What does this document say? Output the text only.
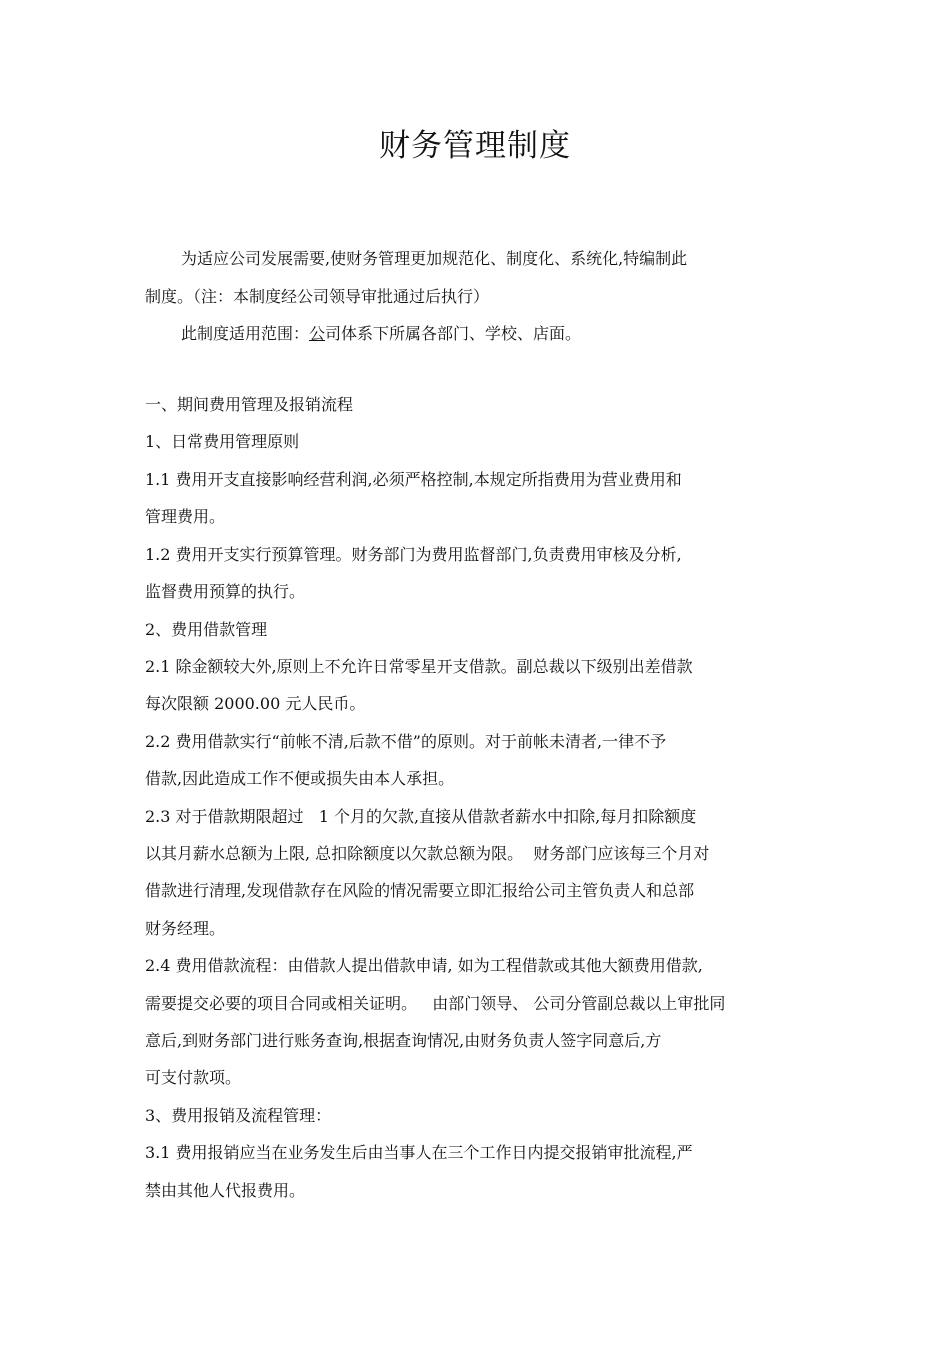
财务管理制度
为适应公司发展需要,使财务管理更加规范化、制度化、系统化,特编制此
制度。（注：本制度经公司领导审批通过后执行）
此制度适用范围：公司体系下所属各部门、学校、店面。
一、期间费用管理及报销流程
1、日常费用管理原则
1.1 费用开支直接影响经营利润,必须严格控制,本规定所指费用为营业费用和
管理费用。
1.2 费用开支实行预算管理。财务部门为费用监督部门,负责费用审核及分析,
监督费用预算的执行。
2、费用借款管理
2.1 除金额较大外,原则上不允许日常零星开支借款。副总裁以下级别出差借款
每次限额 2000.00 元人民币。
2.2 费用借款实行“前帐不清,后款不借”的原则。对于前帐未清者,一律不予
借款,因此造成工作不便或损失由本人承担。
2.3 对于借款期限超过   1 个月的欠款,直接从借款者薪水中扣除,每月扣除额度
以其月薪水总额为上限, 总扣除额度以欠款总额为限。  财务部门应该每三个月对
借款进行清理,发现借款存在风险的情况需要立即汇报给公司主管负责人和总部
财务经理。
2.4 费用借款流程：由借款人提出借款申请, 如为工程借款或其他大额费用借款,
需要提交必要的项目合同或相关证明。   由部门领导、 公司分管副总裁以上审批同
意后,到财务部门进行账务查询,根据查询情况,由财务负责人签字同意后,方
可支付款项。
3、费用报销及流程管理：
3.1 费用报销应当在业务发生后由当事人在三个工作日内提交报销审批流程,严
禁由其他人代报费用。
